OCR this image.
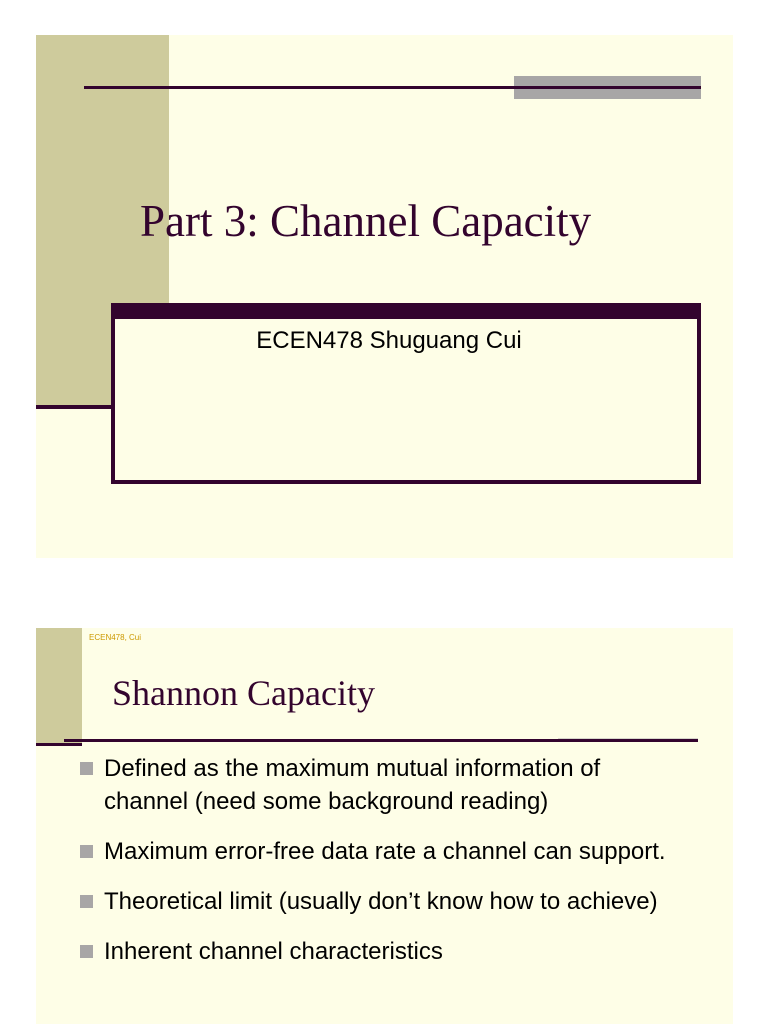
Part 3: Channel Capacity
ECEN478 Shuguang Cui
ECEN478, Cui
Shannon Capacity
Defined as the maximum mutual information of channel (need some background reading)
Maximum error-free data rate a channel can support.
Theoretical limit (usually don’t know how to achieve)
Inherent channel characteristics
